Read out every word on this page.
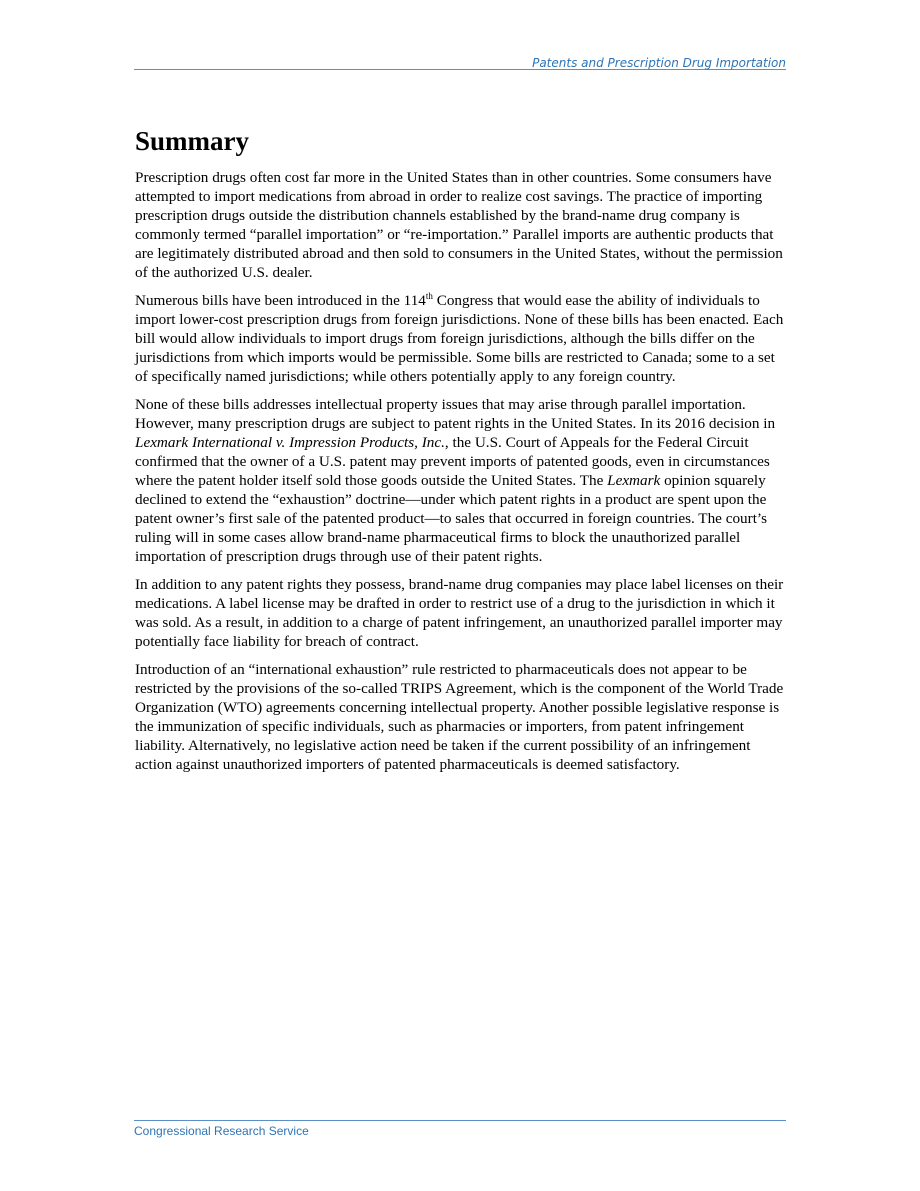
Patents and Prescription Drug Importation
Summary

Prescription drugs often cost far more in the United States than in other countries. Some consumers have attempted to import medications from abroad in order to realize cost savings. The practice of importing prescription drugs outside the distribution channels established by the brand-name drug company is commonly termed “parallel importation” or “re-importation.” Parallel imports are authentic products that are legitimately distributed abroad and then sold to consumers in the United States, without the permission of the authorized U.S. dealer.

Numerous bills have been introduced in the 114th Congress that would ease the ability of individuals to import lower-cost prescription drugs from foreign jurisdictions. None of these bills has been enacted. Each bill would allow individuals to import drugs from foreign jurisdictions, although the bills differ on the jurisdictions from which imports would be permissible. Some bills are restricted to Canada; some to a set of specifically named jurisdictions; while others potentially apply to any foreign country.

None of these bills addresses intellectual property issues that may arise through parallel importation. However, many prescription drugs are subject to patent rights in the United States. In its 2016 decision in Lexmark International v. Impression Products, Inc., the U.S. Court of Appeals for the Federal Circuit confirmed that the owner of a U.S. patent may prevent imports of patented goods, even in circumstances where the patent holder itself sold those goods outside the United States. The Lexmark opinion squarely declined to extend the “exhaustion” doctrine—under which patent rights in a product are spent upon the patent owner’s first sale of the patented product—to sales that occurred in foreign countries. The court’s ruling will in some cases allow brand-name pharmaceutical firms to block the unauthorized parallel importation of prescription drugs through use of their patent rights.

In addition to any patent rights they possess, brand-name drug companies may place label licenses on their medications. A label license may be drafted in order to restrict use of a drug to the jurisdiction in which it was sold. As a result, in addition to a charge of patent infringement, an unauthorized parallel importer may potentially face liability for breach of contract.

Introduction of an “international exhaustion” rule restricted to pharmaceuticals does not appear to be restricted by the provisions of the so-called TRIPS Agreement, which is the component of the World Trade Organization (WTO) agreements concerning intellectual property. Another possible legislative response is the immunization of specific individuals, such as pharmacies or importers, from patent infringement liability. Alternatively, no legislative action need be taken if the current possibility of an infringement action against unauthorized importers of patented pharmaceuticals is deemed satisfactory.

Congressional Research Service
